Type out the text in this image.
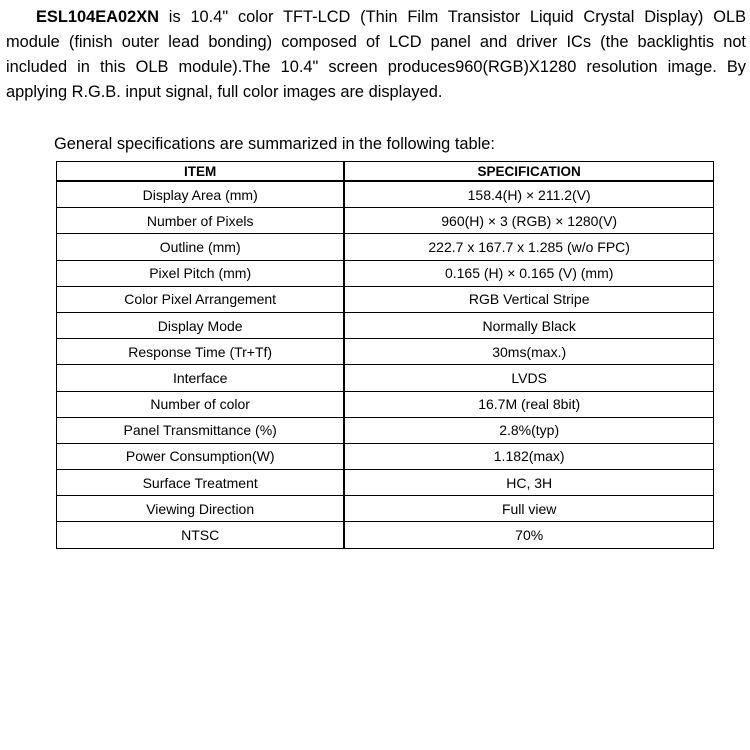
ESL104EA02XN is 10.4" color TFT-LCD (Thin Film Transistor Liquid Crystal Display) OLB module (finish outer lead bonding) composed of LCD panel and driver ICs (the backlightis not included in this OLB module).The 10.4" screen produces960(RGB)X1280 resolution image. By applying R.G.B. input signal, full color images are displayed.

General specifications are summarized in the following table:

ITEM	SPECIFICATION
Display Area (mm)	158.4(H) × 211.2(V)
Number of Pixels	960(H) × 3 (RGB) × 1280(V)
Outline (mm)	222.7 x 167.7 x 1.285 (w/o FPC)
Pixel Pitch (mm)	0.165 (H) × 0.165 (V) (mm)
Color Pixel Arrangement	RGB Vertical Stripe
Display Mode	Normally Black
Response Time (Tr+Tf)	30ms(max.)
Interface	LVDS
Number of color	16.7M (real 8bit)
Panel Transmittance (%)	2.8%(typ)
Power Consumption(W)	1.182(max)
Surface Treatment	HC, 3H
Viewing Direction	Full view
NTSC	70%
